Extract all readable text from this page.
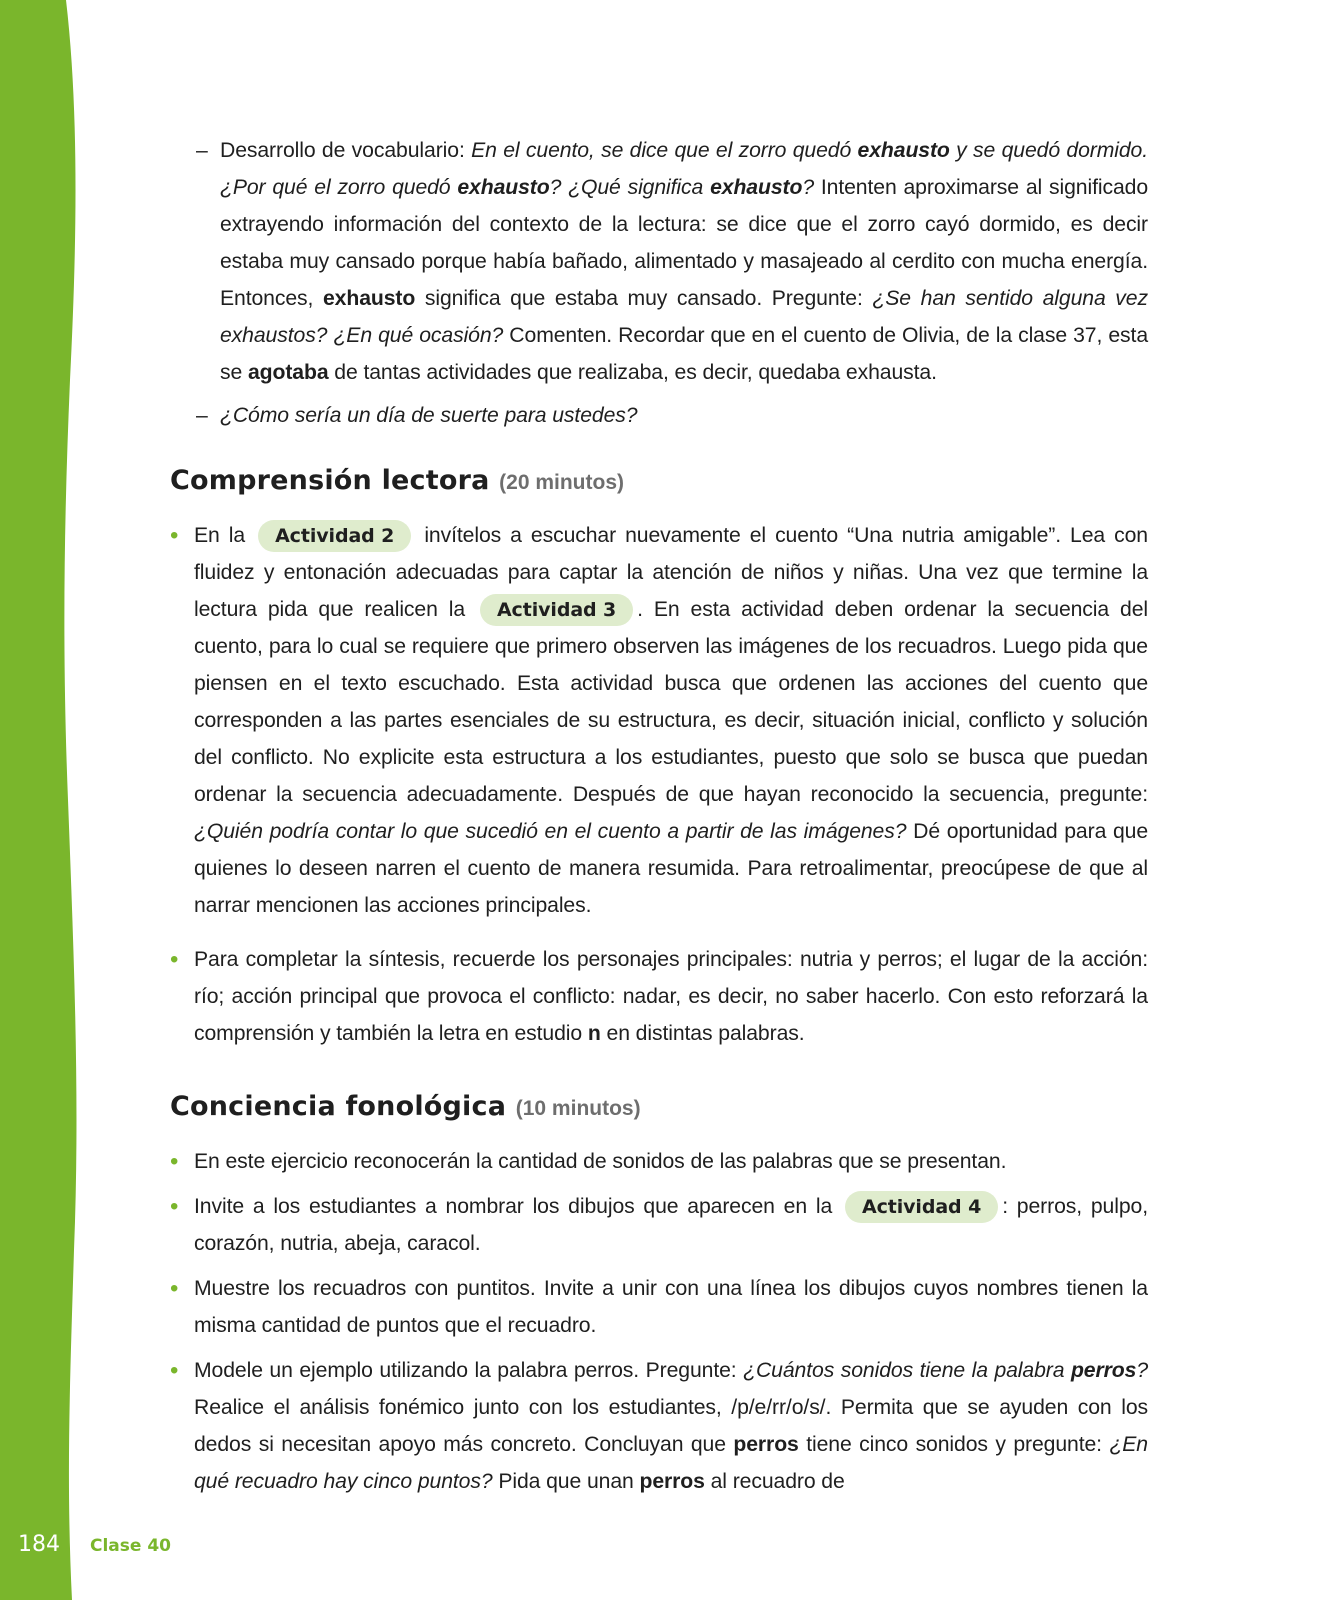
184 Clase 40
– Desarrollo de vocabulario: En el cuento, se dice que el zorro quedó exhausto y se quedó dormido. ¿Por qué el zorro quedó exhausto? ¿Qué significa exhausto? Intenten aproximarse al significado extrayendo información del contexto de la lectura: se dice que el zorro cayó dormido, es decir estaba muy cansado porque había bañado, alimentado y masajeado al cerdito con mucha energía. Entonces, exhausto significa que estaba muy cansado. Pregunte: ¿Se han sentido alguna vez exhaustos? ¿En qué ocasión? Comenten. Recordar que en el cuento de Olivia, de la clase 37, esta se agotaba de tantas actividades que realizaba, es decir, quedaba exhausta.
– ¿Cómo sería un día de suerte para ustedes?
Comprensión lectora (20 minutos)
• En la Actividad 2 invítelos a escuchar nuevamente el cuento “Una nutria amigable”. Lea con fluidez y entonación adecuadas para captar la atención de niños y niñas. Una vez que termine la lectura pida que realicen la Actividad 3 . En esta actividad deben ordenar la secuencia del cuento, para lo cual se requiere que primero observen las imágenes de los recuadros. Luego pida que piensen en el texto escuchado. Esta actividad busca que ordenen las acciones del cuento que corresponden a las partes esenciales de su estructura, es decir, situación inicial, conflicto y solución del conflicto. No explicite esta estructura a los estudiantes, puesto que solo se busca que puedan ordenar la secuencia adecuadamente. Después de que hayan reconocido la secuencia, pregunte: ¿Quién podría contar lo que sucedió en el cuento a partir de las imágenes? Dé oportunidad para que quienes lo deseen narren el cuento de manera resumida. Para retroalimentar, preocúpese de que al narrar mencionen las acciones principales.
• Para completar la síntesis, recuerde los personajes principales: nutria y perros; el lugar de la acción: río; acción principal que provoca el conflicto: nadar, es decir, no saber hacerlo. Con esto reforzará la comprensión y también la letra en estudio n en distintas palabras.
Conciencia fonológica (10 minutos)
• En este ejercicio reconocerán la cantidad de sonidos de las palabras que se presentan.
• Invite a los estudiantes a nombrar los dibujos que aparecen en la Actividad 4 : perros, pulpo, corazón, nutria, abeja, caracol.
• Muestre los recuadros con puntitos. Invite a unir con una línea los dibujos cuyos nombres tienen la misma cantidad de puntos que el recuadro.
• Modele un ejemplo utilizando la palabra perros. Pregunte: ¿Cuántos sonidos tiene la palabra perros? Realice el análisis fonémico junto con los estudiantes, /p/e/rr/o/s/. Permita que se ayuden con los dedos si necesitan apoyo más concreto. Concluyan que perros tiene cinco sonidos y pregunte: ¿En qué recuadro hay cinco puntos? Pida que unan perros al recuadro de
